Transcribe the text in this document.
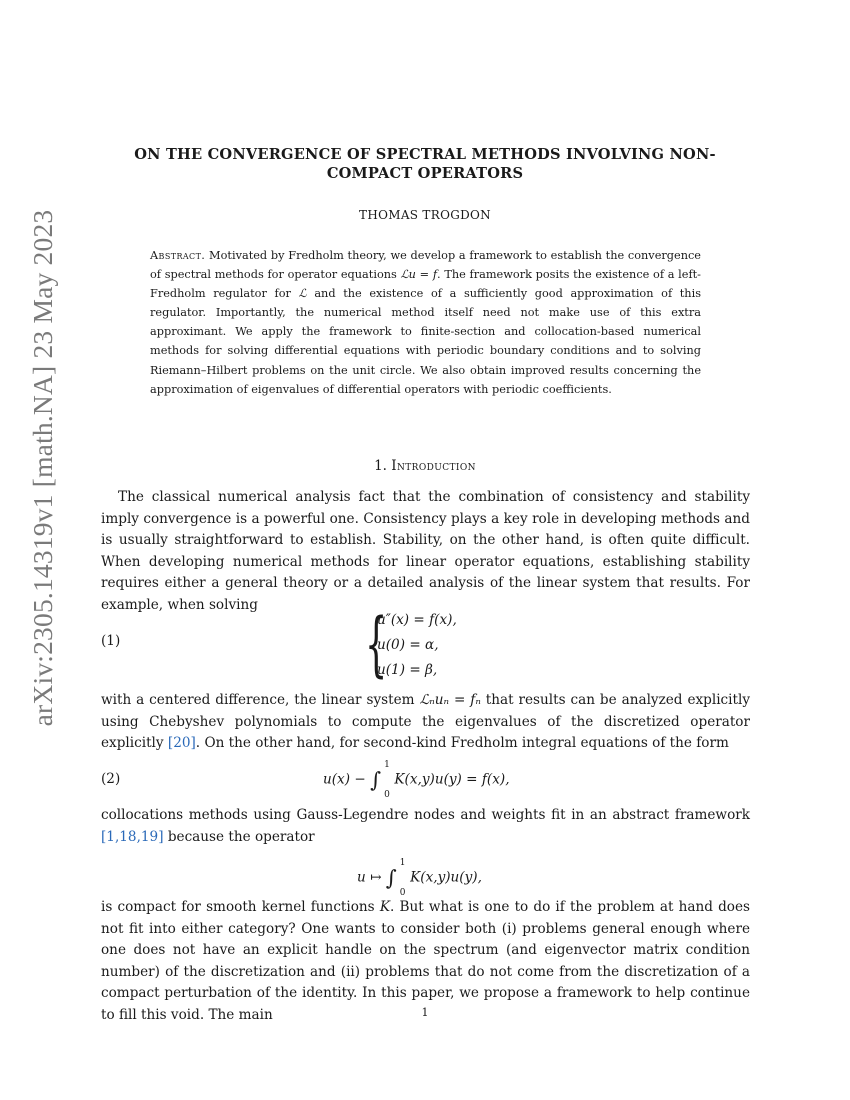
arXiv:2305.14319v1 [math.NA] 23 May 2023
ON THE CONVERGENCE OF SPECTRAL METHODS INVOLVING NON-COMPACT OPERATORS
THOMAS TROGDON
Abstract. Motivated by Fredholm theory, we develop a framework to establish the convergence of spectral methods for operator equations ℒu = f. The framework posits the existence of a left-Fredholm regulator for ℒ and the existence of a sufficiently good approximation of this regulator. Importantly, the numerical method itself need not make use of this extra approximant. We apply the framework to finite-section and collocation-based numerical methods for solving differential equations with periodic boundary conditions and to solving Riemann–Hilbert problems on the unit circle. We also obtain improved results concerning the approximation of eigenvalues of differential operators with periodic coefficients.
1. Introduction
The classical numerical analysis fact that the combination of consistency and stability imply convergence is a powerful one. Consistency plays a key role in developing methods and is usually straightforward to establish. Stability, on the other hand, is often quite difficult. When developing numerical methods for linear operator equations, establishing stability requires either a general theory or a detailed analysis of the linear system that results. For example, when solving
(1)	{
u″(x) = f(x),
u(0) = α,
u(1) = β,
with a centered difference, the linear system ℒₙuₙ = fₙ that results can be analyzed explicitly using Chebyshev polynomials to compute the eigenvalues of the discretized operator explicitly [20]. On the other hand, for second-kind Fredholm integral equations of the form
(2)	u(x) − ∫
1
0
K(x,y)u(y) = f(x),
collocations methods using Gauss-Legendre nodes and weights fit in an abstract framework [1,18,19] because the operator
u ↦ ∫
1
0
K(x,y)u(y),
is compact for smooth kernel functions K. But what is one to do if the problem at hand does not fit into either category? One wants to consider both (i) problems general enough where one does not have an explicit handle on the spectrum (and eigenvector matrix condition number) of the discretization and (ii) problems that do not come from the discretization of a compact perturbation of the identity. In this paper, we propose a framework to help continue to fill this void. The main	1
